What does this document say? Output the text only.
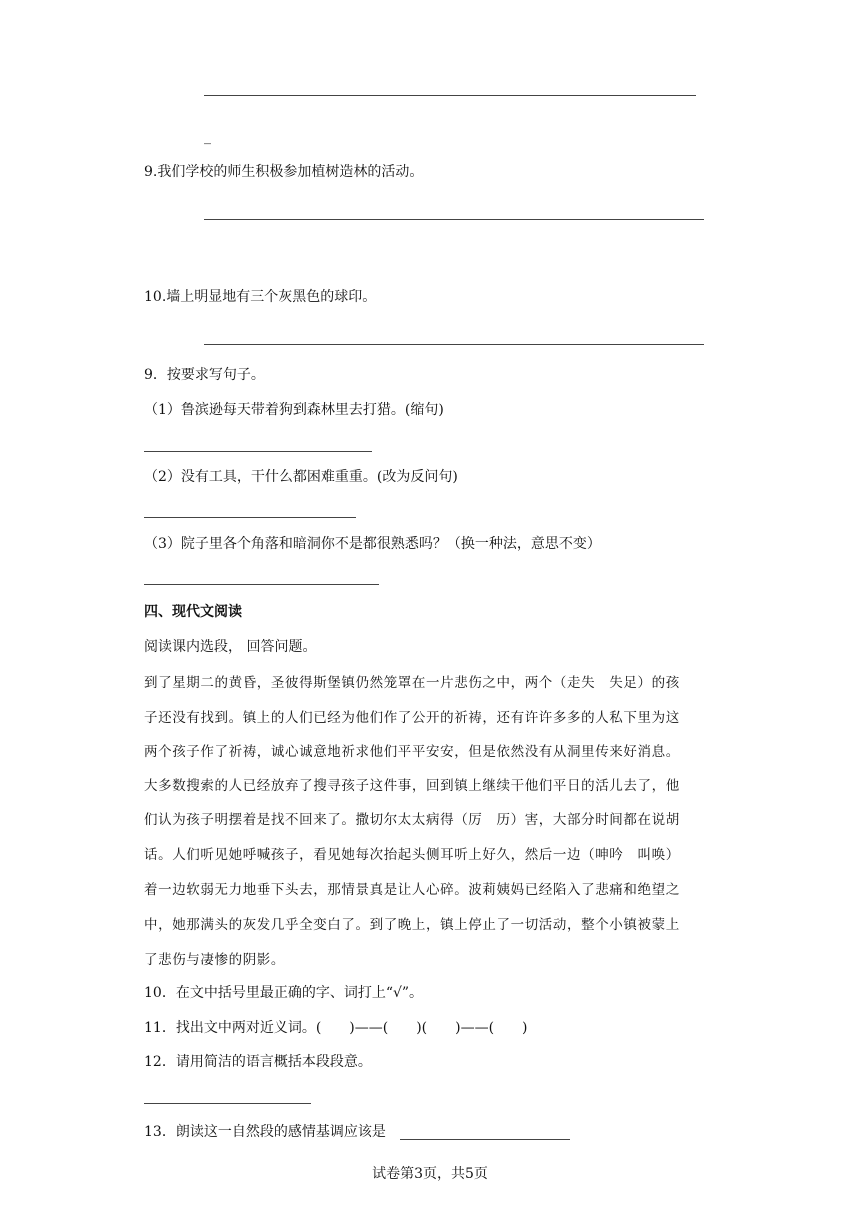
_
9.我们学校的师生积极参加植树造林的活动。
10.墙上明显地有三个灰黑色的球印。
9．按要求写句子。
（1）鲁滨逊每天带着狗到森林里去打猎。(缩句)
（2）没有工具，干什么都困难重重。(改为反问句)
（3）院子里各个角落和暗洞你不是都很熟悉吗？（换一种法，意思不变）
四、现代文阅读
阅读课内选段， 回答问题。
到了星期二的黄昏，圣彼得斯堡镇仍然笼罩在一片悲伤之中，两个（走失　失足）的孩
子还没有找到。镇上的人们已经为他们作了公开的祈祷，还有许许多多的人私下里为这
两个孩子作了祈祷，诚心诚意地祈求他们平平安安，但是依然没有从洞里传来好消息。
大多数搜索的人已经放弃了搜寻孩子这件事，回到镇上继续干他们平日的活儿去了，他
们认为孩子明摆着是找不回来了。撒切尔太太病得（厉　历）害，大部分时间都在说胡
话。人们听见她呼喊孩子，看见她每次抬起头侧耳听上好久，然后一边（呻吟　叫唤）
着一边软弱无力地垂下头去，那情景真是让人心碎。波莉姨妈已经陷入了悲痛和绝望之
中，她那满头的灰发几乎全变白了。到了晚上，镇上停止了一切活动，整个小镇被蒙上
了悲伤与凄惨的阴影。
10．在文中括号里最正确的字、词打上“√”。
11．找出文中两对近义词。(　　)——(　　)(　　)——(　　)
12．请用简洁的语言概括本段段意。
13．朗读这一自然段的感情基调应该是
试卷第3页，共5页
